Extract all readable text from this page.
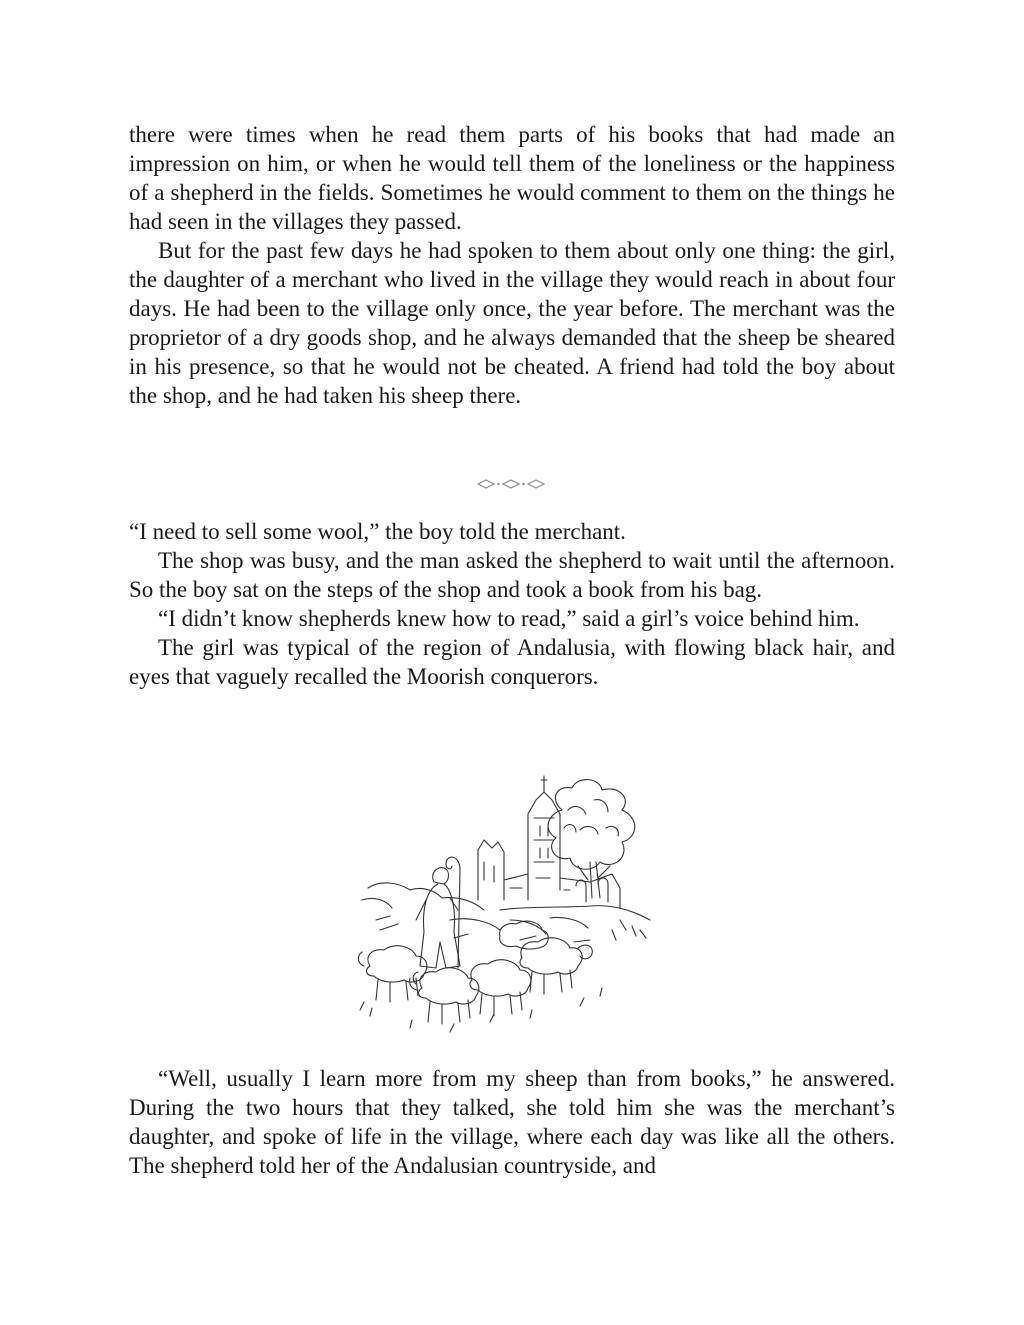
there were times when he read them parts of his books that had made an impression on him, or when he would tell them of the loneliness or the happiness of a shepherd in the fields. Sometimes he would comment to them on the things he had seen in the villages they passed.

But for the past few days he had spoken to them about only one thing: the girl, the daughter of a merchant who lived in the village they would reach in about four days. He had been to the village only once, the year before. The merchant was the proprietor of a dry goods shop, and he always demanded that the sheep be sheared in his presence, so that he would not be cheated. A friend had told the boy about the shop, and he had taken his sheep there.

“I need to sell some wool,” the boy told the merchant.

The shop was busy, and the man asked the shepherd to wait until the afternoon. So the boy sat on the steps of the shop and took a book from his bag.

“I didn’t know shepherds knew how to read,” said a girl’s voice behind him.

The girl was typical of the region of Andalusia, with flowing black hair, and eyes that vaguely recalled the Moorish conquerors.

“Well, usually I learn more from my sheep than from books,” he answered. During the two hours that they talked, she told him she was the merchant’s daughter, and spoke of life in the village, where each day was like all the others. The shepherd told her of the Andalusian countryside, and
